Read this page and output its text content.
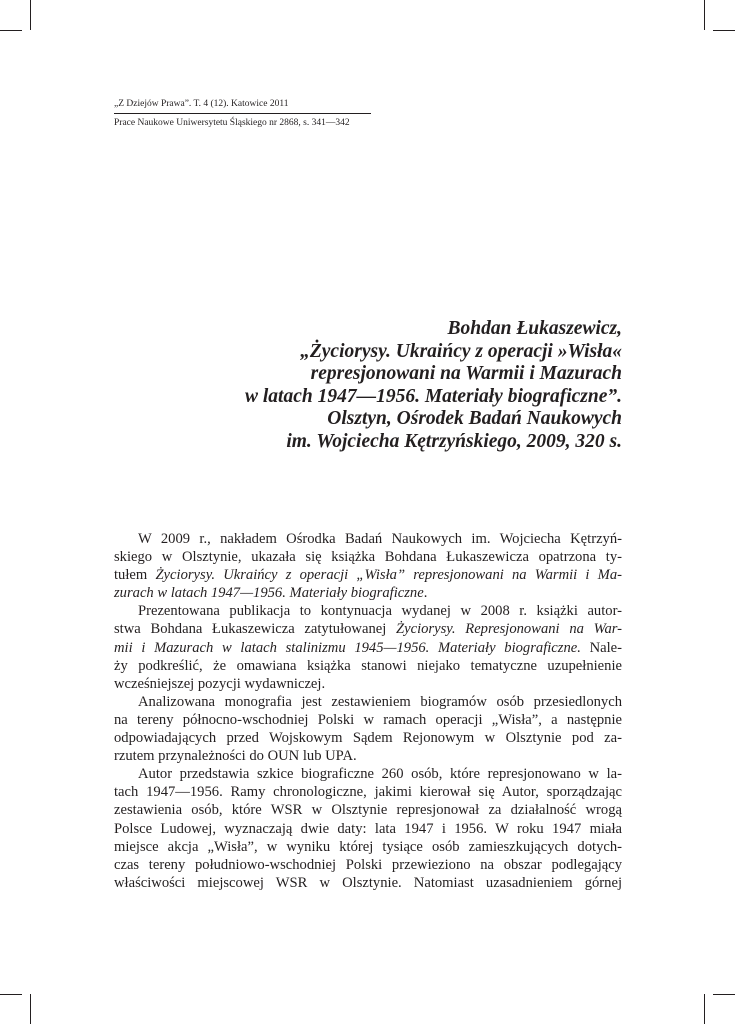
„Z Dziejów Prawa”. T. 4 (12). Katowice 2011
Prace Naukowe Uniwersytetu Śląskiego nr 2868, s. 341—342
Bohdan Łukaszewicz,
„Życiorysy. Ukraińcy z operacji »Wisła«
represjonowani na Warmii i Mazurach
w latach 1947—1956. Materiały biograficzne”.
Olsztyn, Ośrodek Badań Naukowych
im. Wojciecha Kętrzyńskiego, 2009, 320 s.
W 2009 r., nakładem Ośrodka Badań Naukowych im. Wojciecha Kętrzyń-
skiego w Olsztynie, ukazała się książka Bohdana Łukaszewicza opatrzona ty-
tułem Życiorysy. Ukraińcy z operacji „Wisła” represjonowani na Warmii i Ma-
zurach w latach 1947—1956. Materiały biograficzne.
Prezentowana publikacja to kontynuacja wydanej w 2008 r. książki autor-
stwa Bohdana Łukaszewicza zatytułowanej Życiorysy. Represjonowani na War-
mii i Mazurach w latach stalinizmu 1945—1956. Materiały biograficzne. Nale-
ży podkreślić, że omawiana książka stanowi niejako tematyczne uzupełnienie
wcześniejszej pozycji wydawniczej.
Analizowana monografia jest zestawieniem biogramów osób przesiedlonych
na tereny północno-wschodniej Polski w ramach operacji „Wisła”, a następnie
odpowiadających przed Wojskowym Sądem Rejonowym w Olsztynie pod za-
rzutem przynależności do OUN lub UPA.
Autor przedstawia szkice biograficzne 260 osób, które represjonowano w la-
tach 1947—1956. Ramy chronologiczne, jakimi kierował się Autor, sporządzając
zestawienia osób, które WSR w Olsztynie represjonował za działalność wrogą
Polsce Ludowej, wyznaczają dwie daty: lata 1947 i 1956. W roku 1947 miała
miejsce akcja „Wisła”, w wyniku której tysiące osób zamieszkujących dotych-
czas tereny południowo-wschodniej Polski przewieziono na obszar podlegający
właściwości miejscowej WSR w Olsztynie. Natomiast uzasadnieniem górnej
